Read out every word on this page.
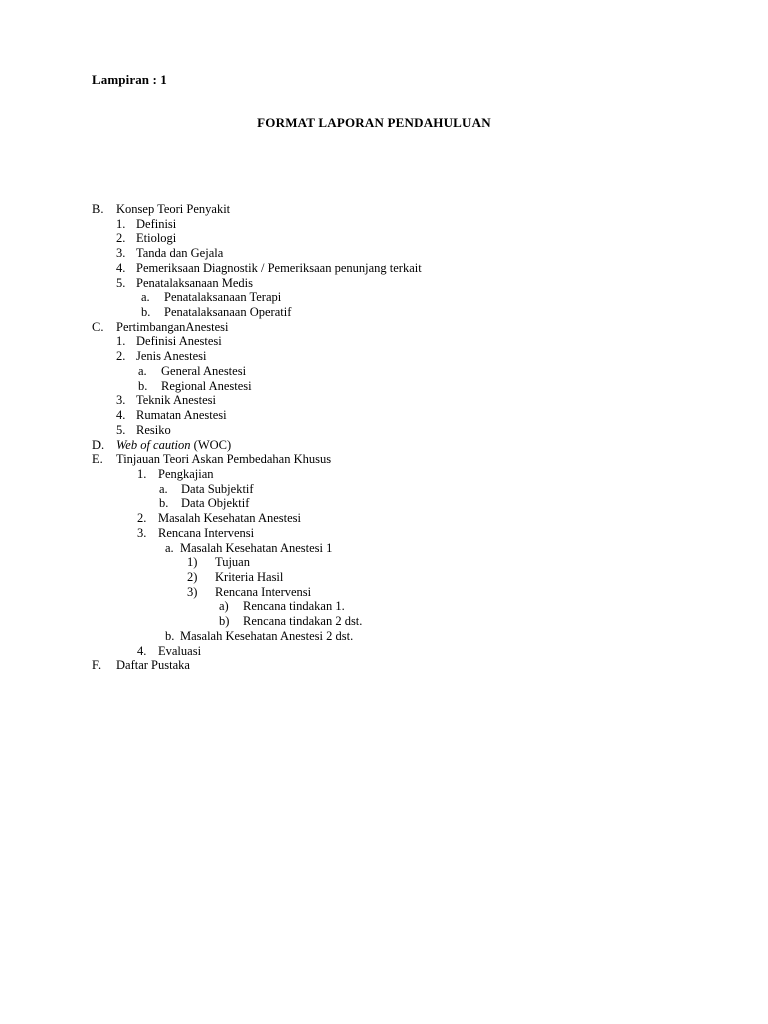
Lampiran : 1
FORMAT LAPORAN PENDAHULUAN
B. Konsep Teori Penyakit
1. Definisi
2. Etiologi
3. Tanda dan Gejala
4. Pemeriksaan Diagnostik / Pemeriksaan penunjang terkait
5. Penatalaksanaan Medis
a. Penatalaksanaan Terapi
b. Penatalaksanaan Operatif
C. PertimbanganAnestesi
1. Definisi Anestesi
2. Jenis Anestesi
a. General Anestesi
b. Regional Anestesi
3. Teknik Anestesi
4. Rumatan Anestesi
5. Resiko
D. Web of caution (WOC)
E. Tinjauan Teori Askan Pembedahan Khusus
1. Pengkajian
a. Data Subjektif
b. Data Objektif
2. Masalah Kesehatan Anestesi
3. Rencana Intervensi
a. Masalah Kesehatan Anestesi 1
1) Tujuan
2) Kriteria Hasil
3) Rencana Intervensi
a) Rencana tindakan 1.
b) Rencana tindakan 2 dst.
b. Masalah Kesehatan Anestesi 2 dst.
4. Evaluasi
F. Daftar Pustaka
